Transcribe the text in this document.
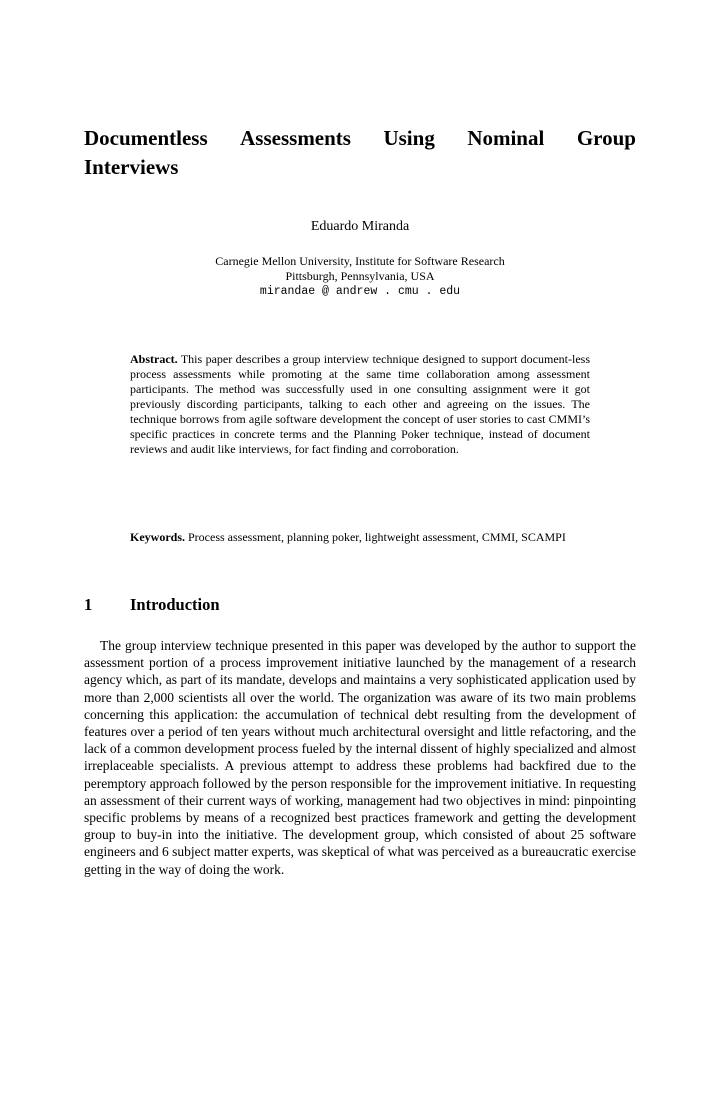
Documentless Assessments Using Nominal Group
Interviews
Eduardo Miranda
Carnegie Mellon University, Institute for Software Research
Pittsburgh, Pennsylvania, USA
mirandae @ andrew . cmu . edu

Abstract. This paper describes a group interview technique designed to support document-less process assessments while promoting at the same time collaboration among assessment participants. The method was successfully used in one consulting assignment were it got previously discording participants, talking to each other and agreeing on the issues. The technique borrows from agile software development the concept of user stories to cast CMMI’s specific practices in concrete terms and the Planning Poker technique, instead of document reviews and audit like interviews, for fact finding and corroboration.

Keywords. Process assessment, planning poker, lightweight assessment, CMMI, SCAMPI

1 Introduction

The group interview technique presented in this paper was developed by the author to support the assessment portion of a process improvement initiative launched by the management of a research agency which, as part of its mandate, develops and maintains a very sophisticated application used by more than 2,000 scientists all over the world. The organization was aware of its two main problems concerning this application: the accumulation of technical debt resulting from the development of features over a period of ten years without much architectural oversight and little refactoring, and the lack of a common development process fueled by the internal dissent of highly specialized and almost irreplaceable specialists. A previous attempt to address these problems had backfired due to the peremptory approach followed by the person responsible for the improvement initiative. In requesting an assessment of their current ways of working, management had two objectives in mind: pinpointing specific problems by means of a recognized best practices framework and getting the development group to buy-in into the initiative. The development group, which consisted of about 25 software engineers and 6 subject matter experts, was skeptical of what was perceived as a bureaucratic exercise getting in the way of doing the work.
